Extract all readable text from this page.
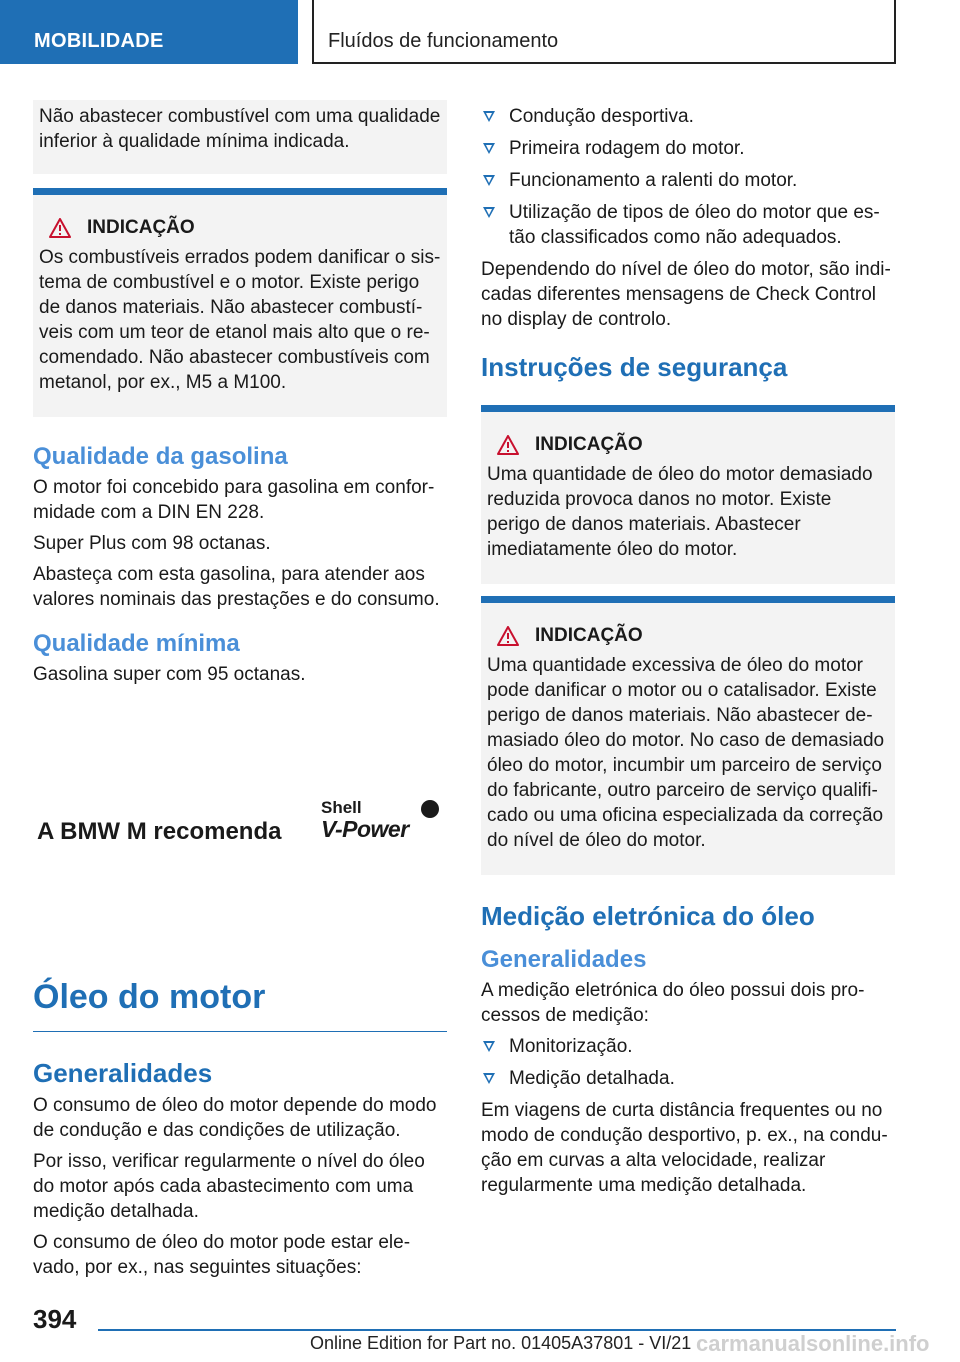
MOBILIDADE	Fluídos de funcionamento

Não abastecer combustível com uma qualidade inferior à qualidade mínima indicada.

INDICAÇÃO

Os combustíveis errados podem danificar o sistema de combustível e o motor. Existe perigo de danos materiais. Não abastecer combustíveis com um teor de etanol mais alto que o recomendado. Não abastecer combustíveis com metanol, por ex., M5 a M100.

Qualidade da gasolina

O motor foi concebido para gasolina em conformidade com a DIN EN 228.

Super Plus com 98 octanas.

Abasteça com esta gasolina, para atender aos valores nominais das prestações e do consumo.

Qualidade mínima

Gasolina super com 95 octanas.

A BMW M recomenda
Shell
V-Power
Óleo do motor
Generalidades

O consumo de óleo do motor depende do modo de condução e das condições de utilização.

Por isso, verificar regularmente o nível do óleo do motor após cada abastecimento com uma medição detalhada.

O consumo de óleo do motor pode estar elevado, por ex., nas seguintes situações:

Condução desportiva.
Primeira rodagem do motor.
Funcionamento a ralenti do motor.
Utilização de tipos de óleo do motor que estão classificados como não adequados.

Dependendo do nível de óleo do motor, são indicadas diferentes mensagens de Check Control no display de controlo.

Instruções de segurança
INDICAÇÃO

Uma quantidade de óleo do motor demasiado reduzida provoca danos no motor. Existe perigo de danos materiais. Abastecer imediatamente óleo do motor.

INDICAÇÃO

Uma quantidade excessiva de óleo do motor pode danificar o motor ou o catalisador. Existe perigo de danos materiais. Não abastecer demasiado óleo do motor. No caso de demasiado óleo do motor, incumbir um parceiro de serviço do fabricante, outro parceiro de serviço qualificado ou uma oficina especializada da correção do nível de óleo do motor.

Medição eletrónica do óleo
Generalidades

A medição eletrónica do óleo possui dois processos de medição:

Monitorização.
Medição detalhada.

Em viagens de curta distância frequentes ou no modo de condução desportivo, p. ex., na condução em curvas a alta velocidade, realizar regularmente uma medição detalhada.

394
Online Edition for Part no. 01405A37801 - VI/21 carmanualsonline.info
